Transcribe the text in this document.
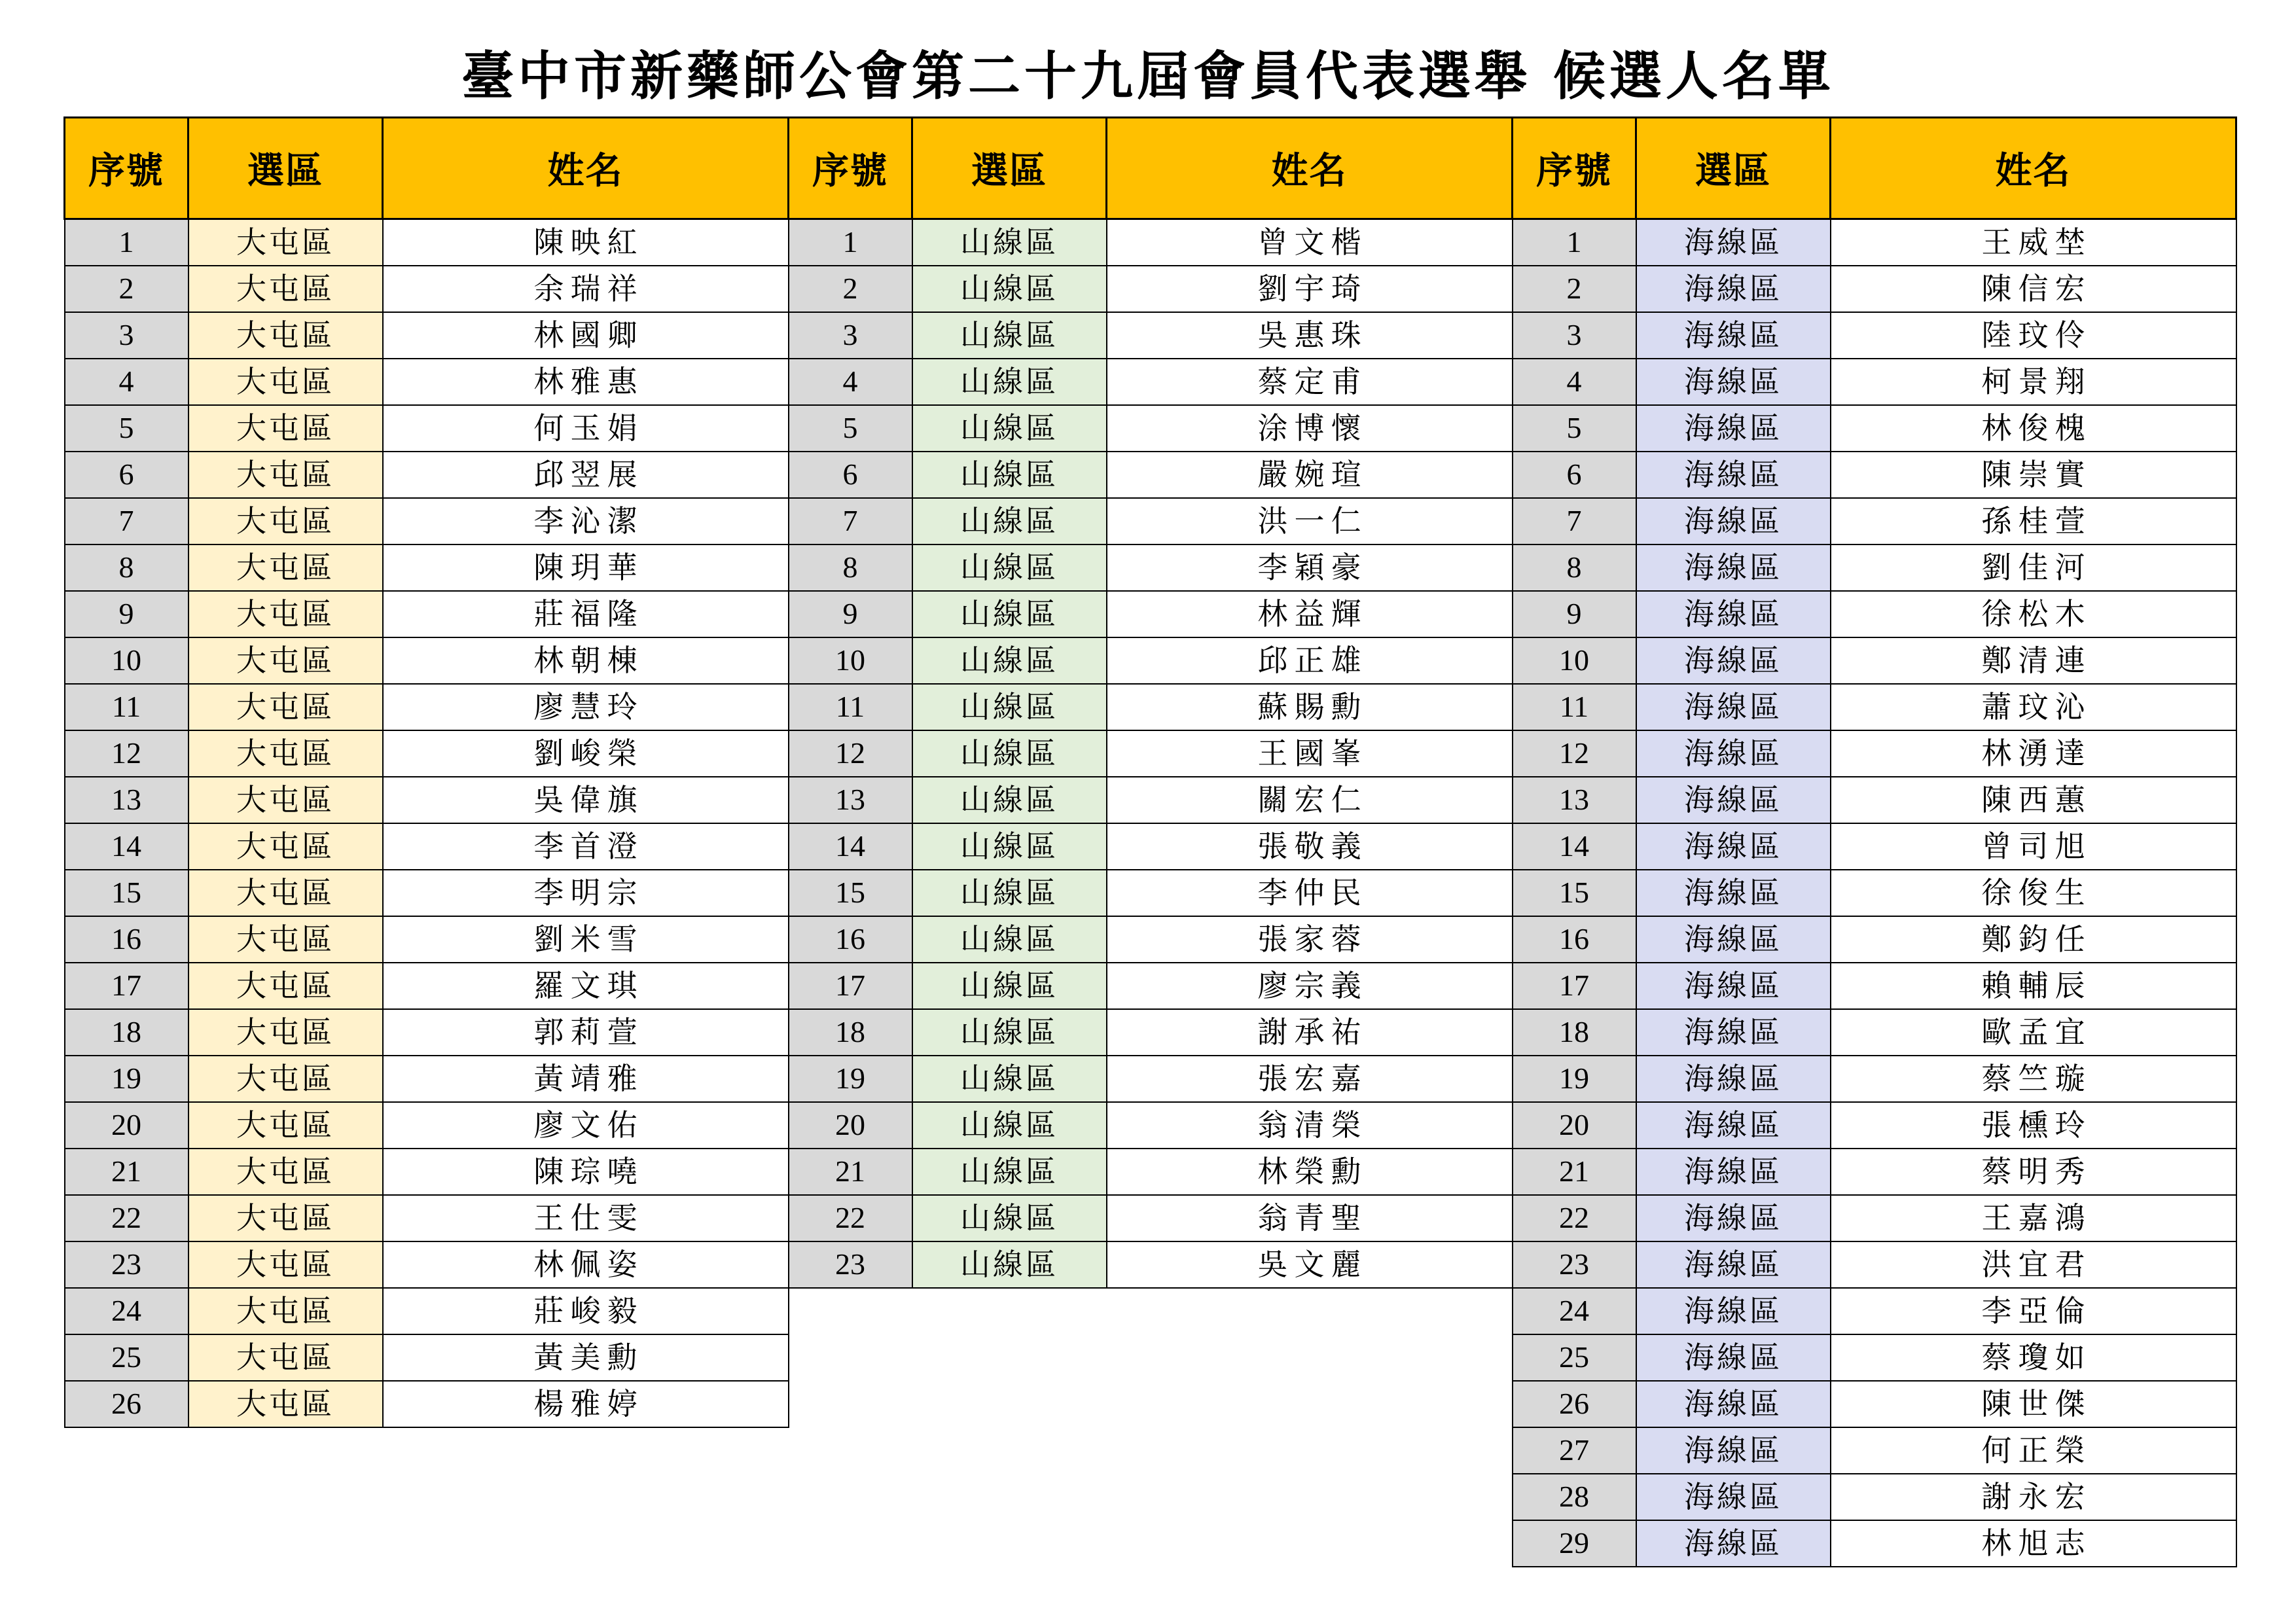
臺中市新藥師公會第二十九屆會員代表選舉 候選人名單
序號	選區	姓名
1	大屯區	陳映紅
2	大屯區	余瑞祥
3	大屯區	林國卿
4	大屯區	林雅惠
5	大屯區	何玉娟
6	大屯區	邱翌展
7	大屯區	李沁潔
8	大屯區	陳玥華
9	大屯區	莊福隆
10	大屯區	林朝棟
11	大屯區	廖慧玲
12	大屯區	劉峻榮
13	大屯區	吳偉旗
14	大屯區	李首澄
15	大屯區	李明宗
16	大屯區	劉米雪
17	大屯區	羅文琪
18	大屯區	郭莉萱
19	大屯區	黃靖雅
20	大屯區	廖文佑
21	大屯區	陳琮嘵
22	大屯區	王仕雯
23	大屯區	林佩姿
24	大屯區	莊峻毅
25	大屯區	黃美勳
26	大屯區	楊雅婷
序號	選區	姓名
1	山線區	曾文楷
2	山線區	劉宇琦
3	山線區	吳惠珠
4	山線區	蔡定甫
5	山線區	涂博懷
6	山線區	嚴婉瑄
7	山線區	洪一仁
8	山線區	李穎豪
9	山線區	林益輝
10	山線區	邱正雄
11	山線區	蘇賜勳
12	山線區	王國峯
13	山線區	關宏仁
14	山線區	張敬義
15	山線區	李仲民
16	山線區	張家蓉
17	山線區	廖宗義
18	山線區	謝承祐
19	山線區	張宏嘉
20	山線區	翁清榮
21	山線區	林榮勳
22	山線區	翁青聖
23	山線區	吳文麗
序號	選區	姓名
1	海線區	王威埜
2	海線區	陳信宏
3	海線區	陸玟伶
4	海線區	柯景翔
5	海線區	林俊槐
6	海線區	陳崇實
7	海線區	孫桂萱
8	海線區	劉佳河
9	海線區	徐松木
10	海線區	鄭清連
11	海線區	蕭玟沁
12	海線區	林湧達
13	海線區	陳西蕙
14	海線區	曾司旭
15	海線區	徐俊生
16	海線區	鄭鈞任
17	海線區	賴輔辰
18	海線區	歐孟宜
19	海線區	蔡竺璇
20	海線區	張櫄玲
21	海線區	蔡明秀
22	海線區	王嘉鴻
23	海線區	洪宜君
24	海線區	李亞倫
25	海線區	蔡瓊如
26	海線區	陳世傑
27	海線區	何正榮
28	海線區	謝永宏
29	海線區	林旭志
